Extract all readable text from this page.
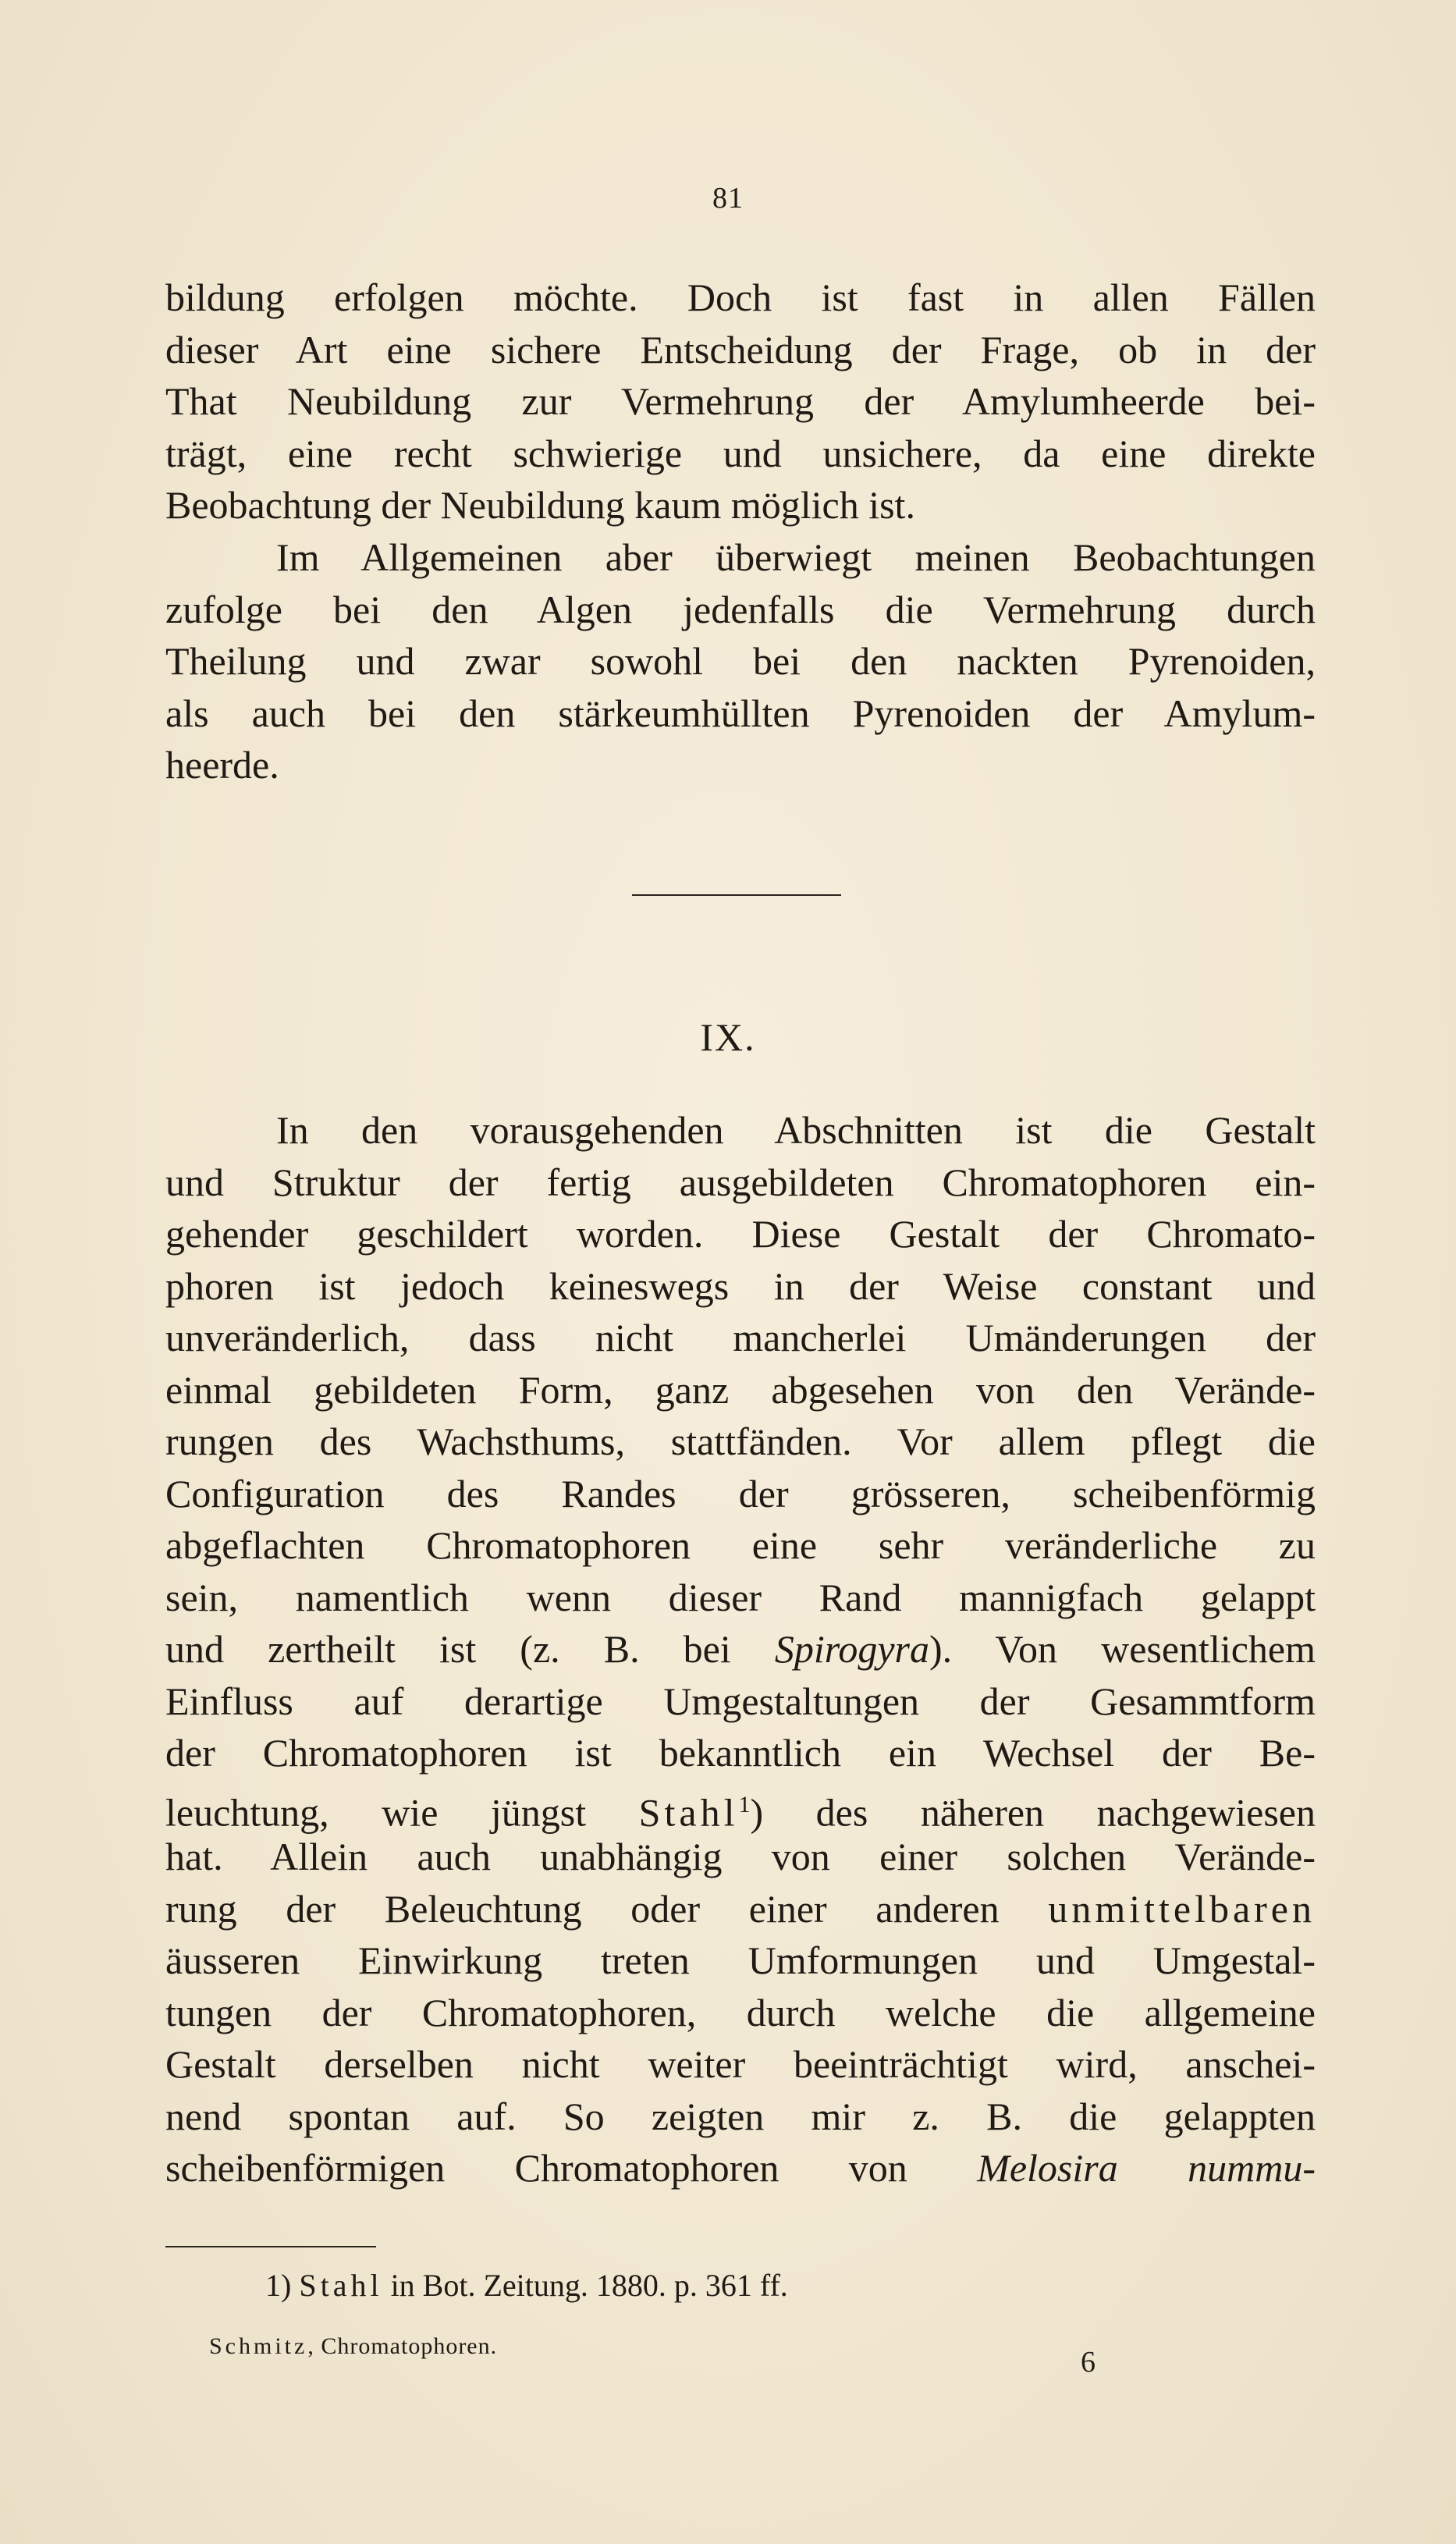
81
bildung erfolgen möchte. Doch ist fast in allen Fällen
dieser Art eine sichere Entscheidung der Frage, ob in der
That Neubildung zur Vermehrung der Amylumheerde bei-
trägt, eine recht schwierige und unsichere, da eine direkte
Beobachtung der Neubildung kaum möglich ist.
Im Allgemeinen aber überwiegt meinen Beobachtungen
zufolge bei den Algen jedenfalls die Vermehrung durch
Theilung und zwar sowohl bei den nackten Pyrenoiden,
als auch bei den stärkeumhüllten Pyrenoiden der Amylum-
heerde.
IX.
In den vorausgehenden Abschnitten ist die Gestalt
und Struktur der fertig ausgebildeten Chromatophoren ein-
gehender geschildert worden. Diese Gestalt der Chromato-
phoren ist jedoch keineswegs in der Weise constant und
unveränderlich, dass nicht mancherlei Umänderungen der
einmal gebildeten Form, ganz abgesehen von den Verände-
rungen des Wachsthums, stattfänden. Vor allem pflegt die
Configuration des Randes der grösseren, scheibenförmig
abgeflachten Chromatophoren eine sehr veränderliche zu
sein, namentlich wenn dieser Rand mannigfach gelappt
und zertheilt ist (z. B. bei Spirogyra). Von wesentlichem
Einfluss auf derartige Umgestaltungen der Gesammtform
der Chromatophoren ist bekanntlich ein Wechsel der Be-
leuchtung, wie jüngst Stahl$^1$) des näheren nachgewiesen
hat. Allein auch unabhängig von einer solchen Verände-
rung der Beleuchtung oder einer anderen unmittelbaren
äusseren Einwirkung treten Umformungen und Umgestal-
tungen der Chromatophoren, durch welche die allgemeine
Gestalt derselben nicht weiter beeinträchtigt wird, anschei-
nend spontan auf. So zeigten mir z. B. die gelappten
scheibenförmigen Chromatophoren von Melosira nummu-
1) Stahl in Bot. Zeitung. 1880. p. 361 ff.
Schmitz, Chromatophoren.	6
